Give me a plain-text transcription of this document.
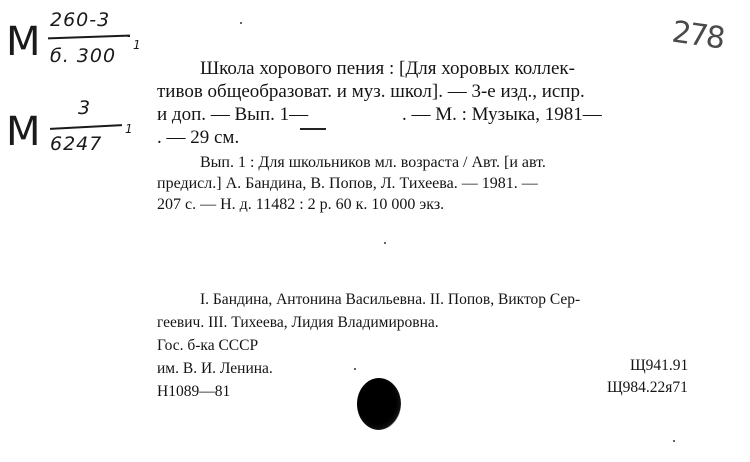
М 260-3
б. 300 1
М
3
6247
1
278
Школа хорового пения : [Для хоровых коллек-
тивов общеобразоват. и муз. школ]. — 3-е изд., испр.
и доп. — Вып. 1—	. — М. : Музыка, 1981—
. — 29 см.
Вып. 1 : Для школьников мл. возраста / Авт. [и авт.
предисл.] А. Бандина, В. Попов, Л. Тихеева. — 1981. —
207 с. — Н. д. 11482 : 2 р. 60 к. 10 000 экз.
I. Бандина, Антонина Васильевна. II. Попов, Виктор Сер-
геевич. III. Тихеева, Лидия Владимировна.
Гос. б-ка СССР
им. В. И. Ленина.
Н1089—81
Щ941.91
Щ984.22я71
